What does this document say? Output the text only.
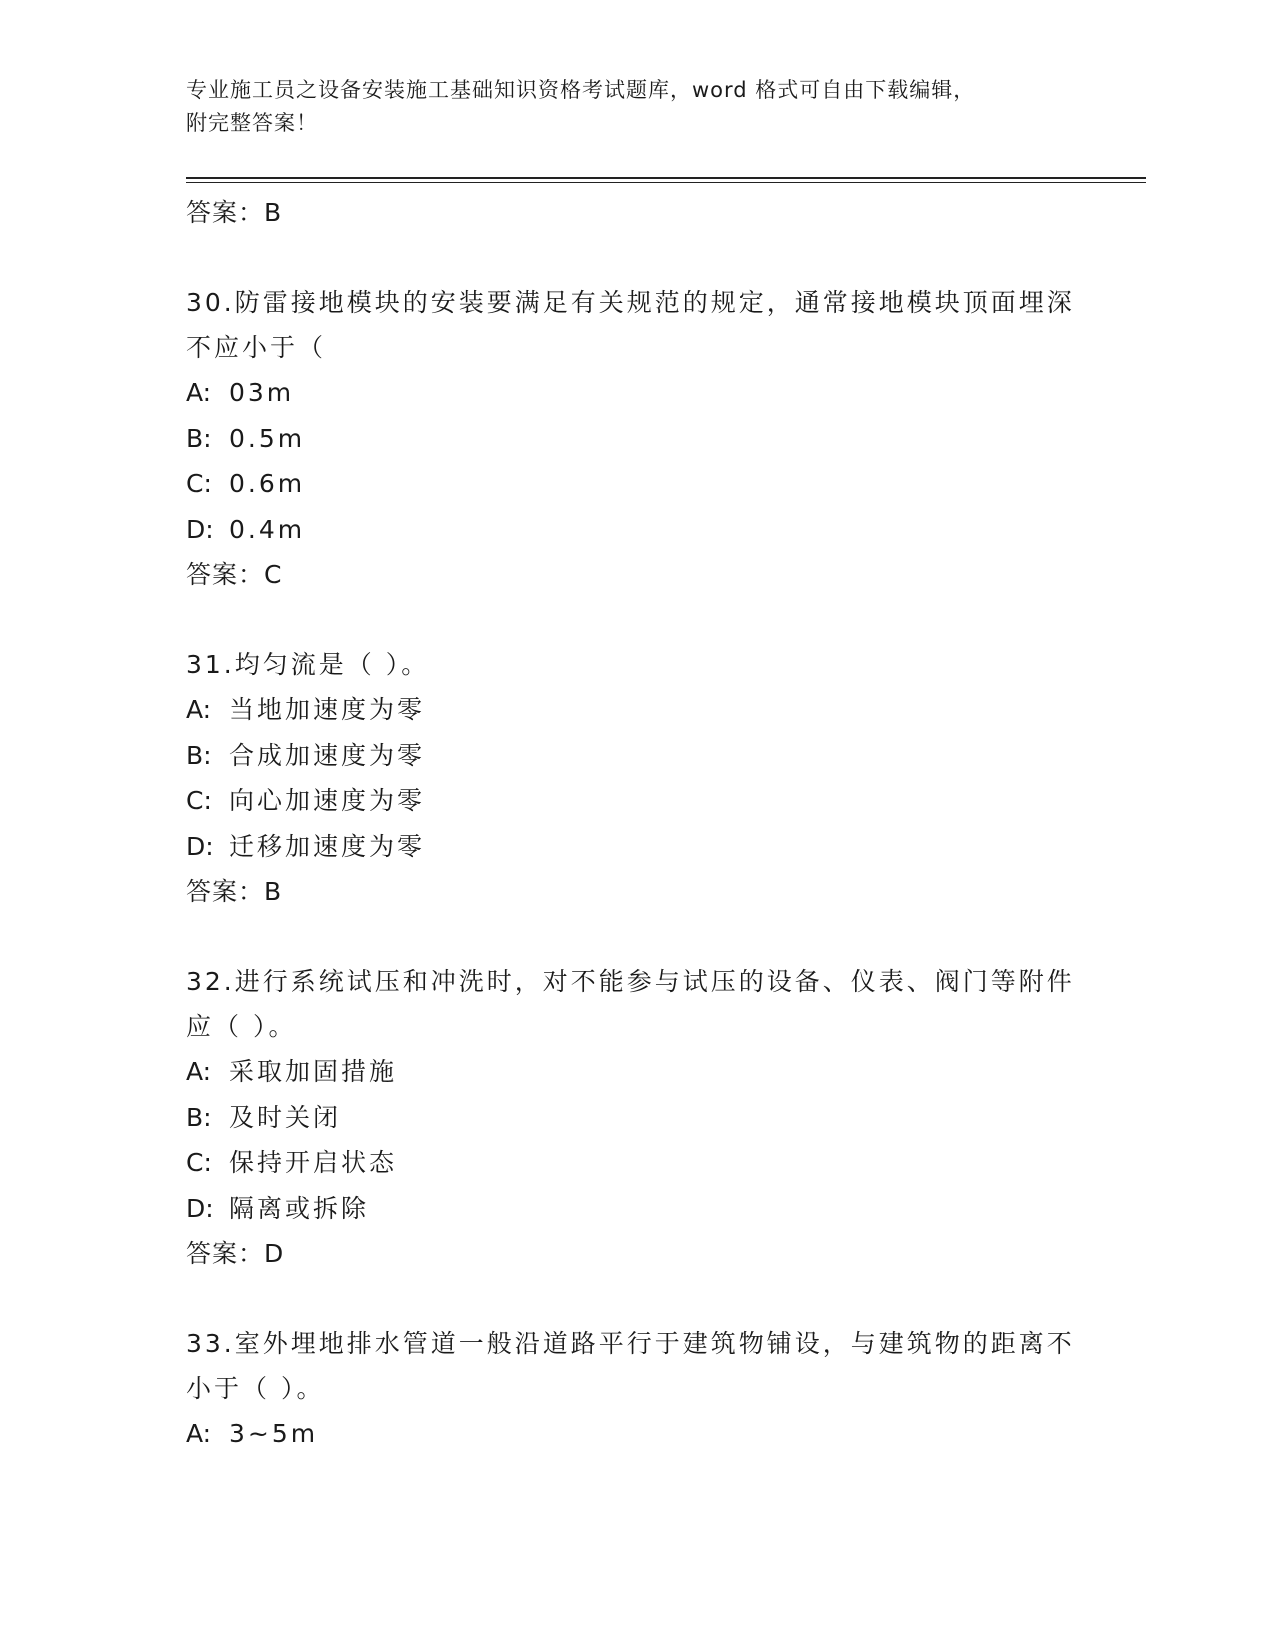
专业施工员之设备安装施工基础知识资格考试题库，word 格式可自由下载编辑，
附完整答案！
答案：B
30.防雷接地模块的安装要满足有关规范的规定，通常接地模块顶面埋深不应小于（
A: 03m
B: 0.5m
C: 0.6m
D: 0.4m
答案：C
31.均匀流是（ ）。
A: 当地加速度为零
B: 合成加速度为零
C: 向心加速度为零
D: 迁移加速度为零
答案：B
32.进行系统试压和冲洗时，对不能参与试压的设备、仪表、阀门等附件应（ ）。
A: 采取加固措施
B: 及时关闭
C: 保持开启状态
D: 隔离或拆除
答案：D
33.室外埋地排水管道一般沿道路平行于建筑物铺设，与建筑物的距离不小于（ ）。
A: 3~5m
